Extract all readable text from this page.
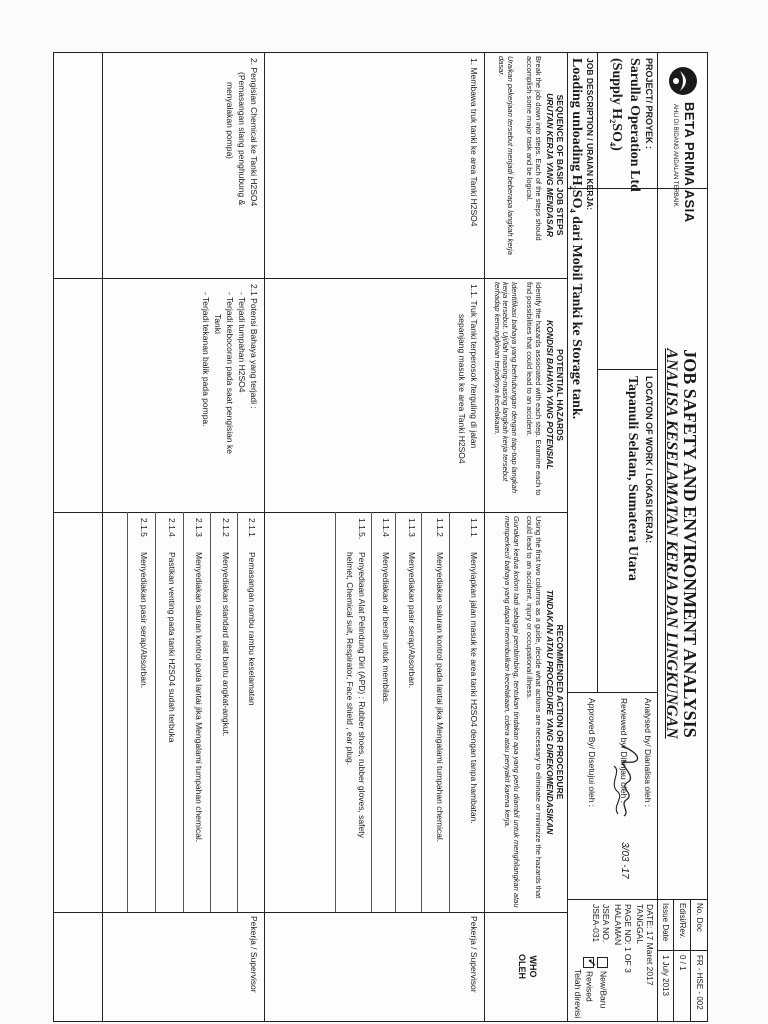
BETA PRIMA ASIA
AHLI DI BIDANG ANDALAN TERBAIK
JOB SAFETY AND ENVIRONMENT ANALYSIS
ANALISA KESELAMATAN KERJA DAN LINGKUNGAN
No. Doc
FR - HSE - 002
Edisi/Rev.
0 / 1
Issue Date
1 July 2013
PROJECT/ PROYEK :
Sarulla Operation Ltd
(Supply H₂SO₄)
LOCATON OF WORK / LOKASI KERJA:
Tapanuli Selatan, Sumatera Utara
Analysed by/ Dianalisa oleh :
Reviewed by/ Ditinjau oleh :
Approved By/ Disetujui oleh :
3/03 -17
DATE: 17 Maret 2017
TANGGAL
PAGE NO: 1 OF 3
HALAMAN
JSEA NO.
JSEA-031
New/Baru
✓Revised
Telah direvisi
JOB DESCRIPTION / URAIAN KERJA:
Loading unloading H₂SO₄ dari Mobil Tanki ke Storage tank.
SEQUENCE OF BASIC JOB STEPS
URUTAN KERJA YANG MENDASAR
Break the job down into steps. Each of the steps should accomplish some major task and be logical.
Uraikan pekerjaan tersebut menjadi beberapa langkah kerja dasar.
POTENTIAL HAZARDS
KONDISI BAHAYA YANG POTENSIAL
Identify the hazards associated with each step. Examine each to find possibilities that could lead to an accident.
Identifikasi bahaya yang berhubungan dengan tiap-tiap langkah kerja tersebut. Uji/lah masing-masing langkah kerja tersebut terhadap kemungkinan terjadinya kecelakaan.
RECOMMENDED ACTION OR PROCEDURE
TINDAKAN ATAU PROCEDURE YANG DIREKOMENDASIKAN
Using the first two columns as a guide, decide what actions are necessary to eliminate or minimize the hazards that could lead to an accident, injury or occupational illness.
Gunakan kedua kolom tadi sebagai pembimbing, tentukan tindakan apa yang perlu diambil untuk menghilangkan atau memperkecil bahaya yang dapat menimbulkan kecelakaan, cidera atau penyakit karena kerja.
WHO
OLEH
1. Membawa truk tanki ke area Tanki H2SO4
1.1. Truk Tanki terperosok /terguling di jalan
sepanjang masuk ke area Tanki H2SO4
1.1.1
Menyiapkan jalan masuk ke area tanki H2SO4 dengan tanpa hambatan.
1.1.2
Menyediakan saluran kontrol pada lantai jika Mengalami tumpahan chemical.
1.1.3
Menyediakan pasir serap/Absorban.
1.1.4
Menyediakan air bersih untuk membilas.
1.1.5.
Penyediaan Alat Pelindung Diri (APD) : Rubber shoes, rubber gloves, safety
helmet, Chemical suit, Respirator, Face shield , ear plug.
Pekerja / Supervisor
2. Pengisian Chemical ke Tanki H2SO4
(Pemasangan slang penghubung &
menyalakan pompa)
2.1 Potensi Bahaya yang terjadi :
- Terjadi tumpahan H2SO4
- Terjadi kebocoran pada saat pengisian ke
Tanki
- Terjadi tekanan balik pada pompa.
2.1.1
Pemasangan rambu rambu keselamatan
2.1.2
Menyediakan standard alat bantu angkat-angkut.
2.1.3
Menyediakan saluran kontrol pada lantai jika Mengalami tumpahan chemical.
2.1.4
Pastikan venting pada tanki H2SO4 sudah terbuka
2.1.5
Menyediakan pasir serap/Absorban.
Pekerja / Supervisor
